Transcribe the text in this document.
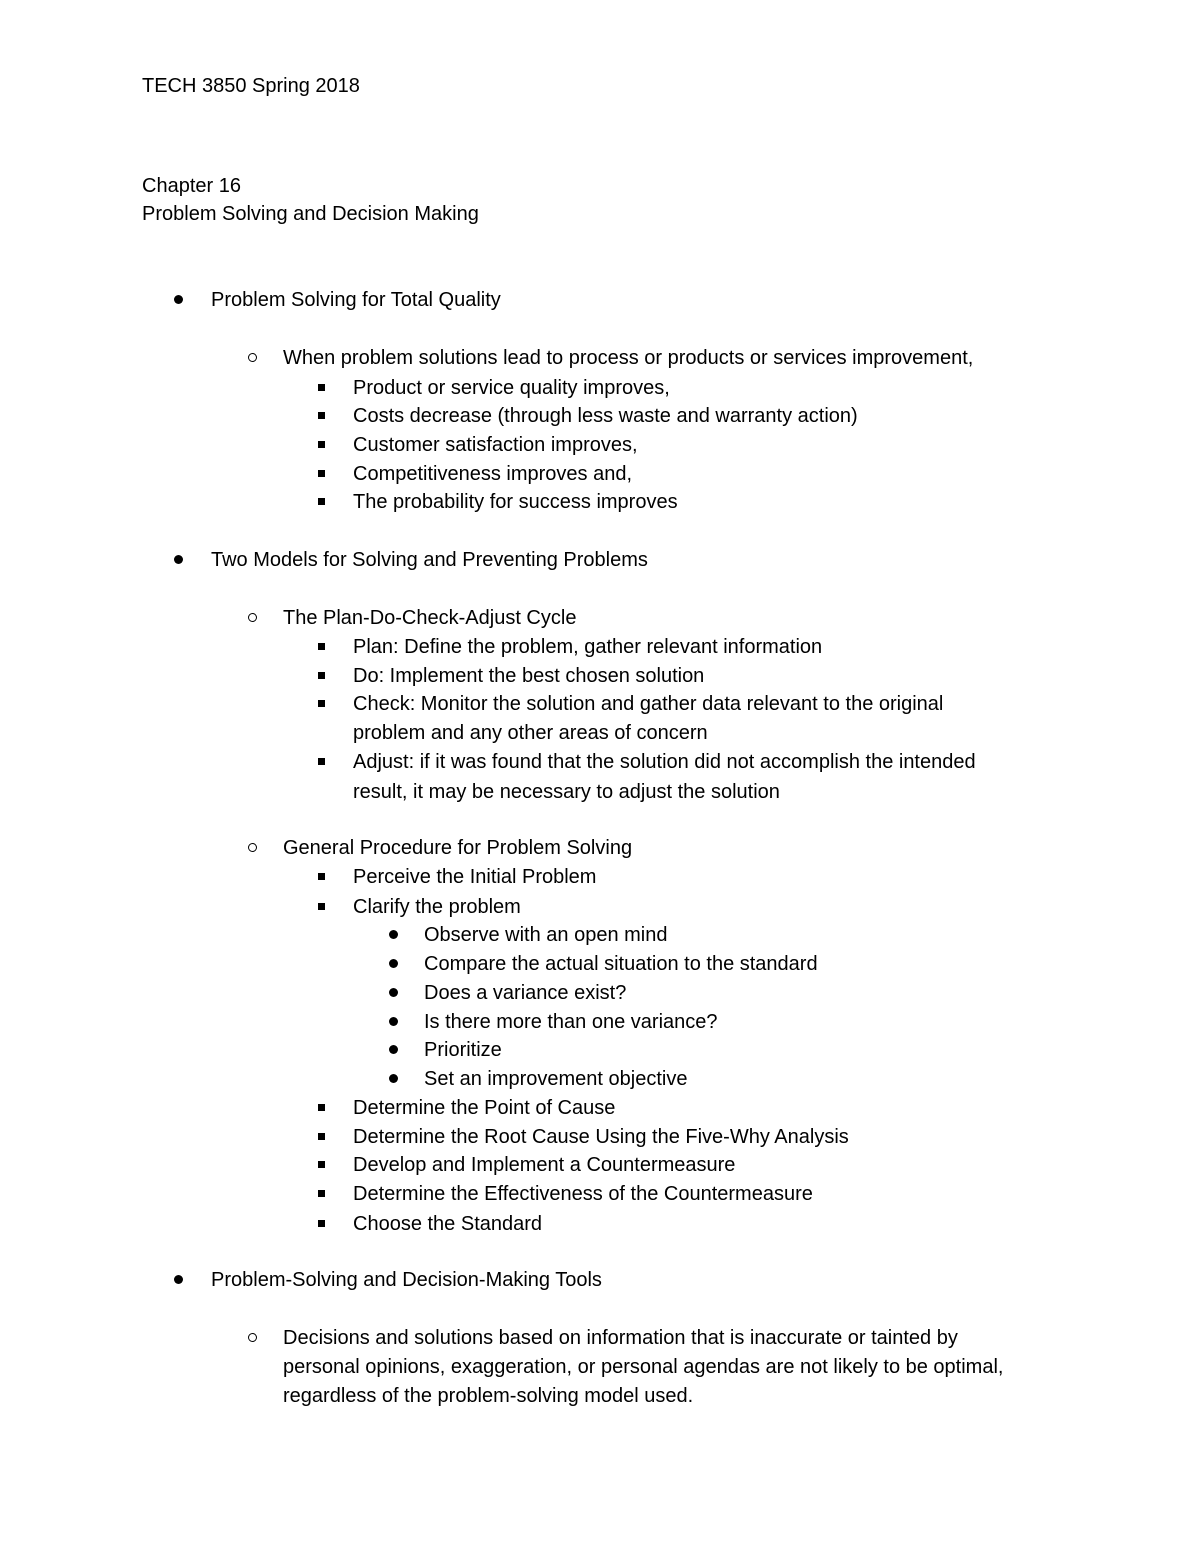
TECH 3850 Spring 2018
Chapter 16
Problem Solving and Decision Making
Problem Solving for Total Quality
When problem solutions lead to process or products or services improvement,
Product or service quality improves,
Costs decrease (through less waste and warranty action)
Customer satisfaction improves,
Competitiveness improves and,
The probability for success improves
Two Models for Solving and Preventing Problems
The Plan-Do-Check-Adjust Cycle
Plan: Define the problem, gather relevant information
Do: Implement the best chosen solution
Check: Monitor the solution and gather data relevant to the original
problem and any other areas of concern
Adjust: if it was found that the solution did not accomplish the intended
result, it may be necessary to adjust the solution
General Procedure for Problem Solving
Perceive the Initial Problem
Clarify the problem
Observe with an open mind
Compare the actual situation to the standard
Does a variance exist?
Is there more than one variance?
Prioritize
Set an improvement objective
Determine the Point of Cause
Determine the Root Cause Using the Five-Why Analysis
Develop and Implement a Countermeasure
Determine the Effectiveness of the Countermeasure
Choose the Standard
Problem-Solving and Decision-Making Tools
Decisions and solutions based on information that is inaccurate or tainted by
personal opinions, exaggeration, or personal agendas are not likely to be optimal,
regardless of the problem-solving model used.
